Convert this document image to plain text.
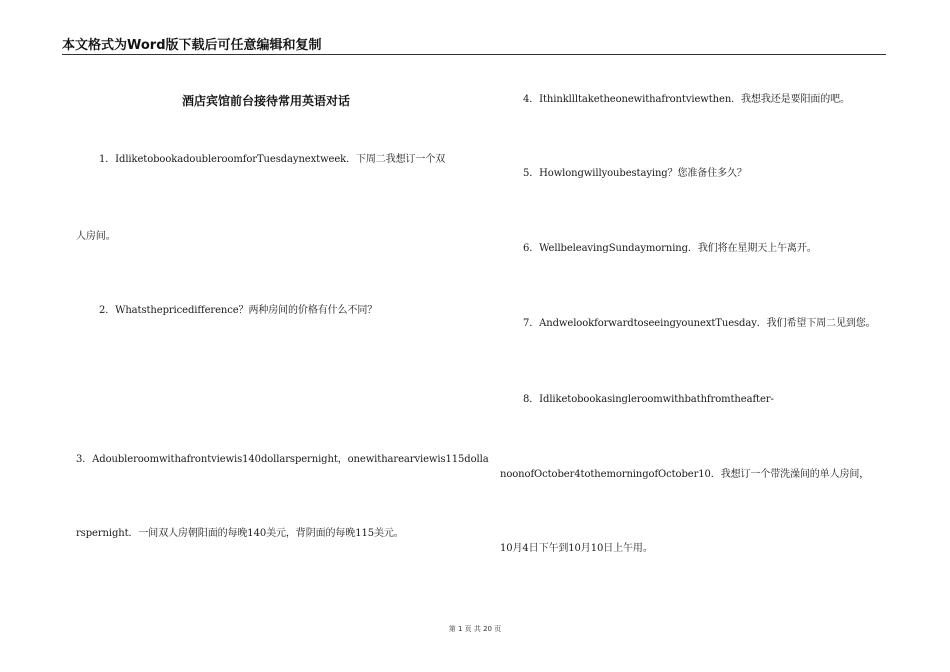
本文格式为Word版下载后可任意编辑和复制
酒店宾馆前台接待常用英语对话
1．IdliketobookadoubleroomforTuesdaynextweek．下周二我想订一个双
人房间。
2．Whatsthepricedifference？两种房间的价格有什么不同？
3．Adoubleroomwithafrontviewis140dollarspernight，onewitharearviewis115dolla
rspernight．一间双人房朝阳面的每晚140美元，背阴面的每晚115美元。
4．Ithinkllltaketheonewithafrontviewthen．我想我还是要阳面的吧。
5．Howlongwillyoubestaying？您准备住多久？
6．WellbeleavingSundaymorning．我们将在星期天上午离开。
7．AndwelookforwardtoseeingyounextTuesday．我们希望下周二见到您。
8．Idliketobookasingleroomwithbathfromtheafter-
noonofOctober4tothemorningofOctober10．我想订一个带洗澡间的单人房间，
10月4日下午到10月10日上午用。
第 1 页 共 20 页
